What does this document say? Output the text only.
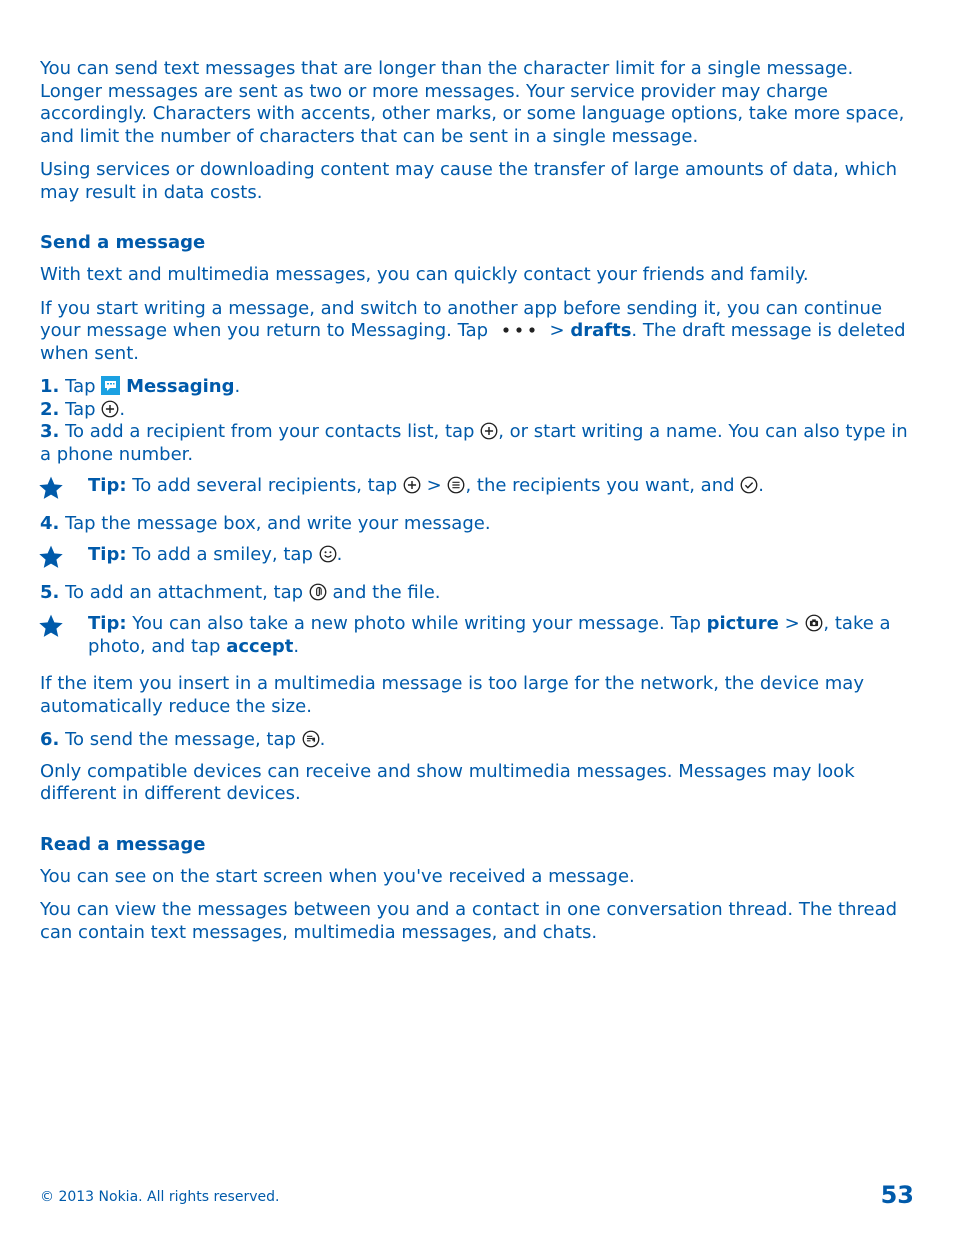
You can send text messages that are longer than the character limit for a single message. Longer messages are sent as two or more messages. Your service provider may charge accordingly. Characters with accents, other marks, or some language options, take more space, and limit the number of characters that can be sent in a single message.

Using services or downloading content may cause the transfer of large amounts of data, which may result in data costs.

Send a message

With text and multimedia messages, you can quickly contact your friends and family.

If you start writing a message, and switch to another app before sending it, you can continue your message when you return to Messaging. Tap	> drafts. The draft message is deleted when sent.

1. Tap Messaging.

2. Tap .

3. To add a recipient from your contacts list, tap , or start writing a name. You can also type in a phone number.

Tip: To add several recipients, tap > , the recipients you want, and .

4. Tap the message box, and write your message.

Tip: To add a smiley, tap .

5. To add an attachment, tap and the file.

Tip: You can also take a new photo while writing your message. Tap picture > , take a photo, and tap accept.

If the item you insert in a multimedia message is too large for the network, the device may automatically reduce the size.

6. To send the message, tap .

Only compatible devices can receive and show multimedia messages. Messages may look different in different devices.

Read a message

You can see on the start screen when you've received a message.

You can view the messages between you and a contact in one conversation thread. The thread can contain text messages, multimedia messages, and chats.

© 2013 Nokia. All rights reserved.	53
